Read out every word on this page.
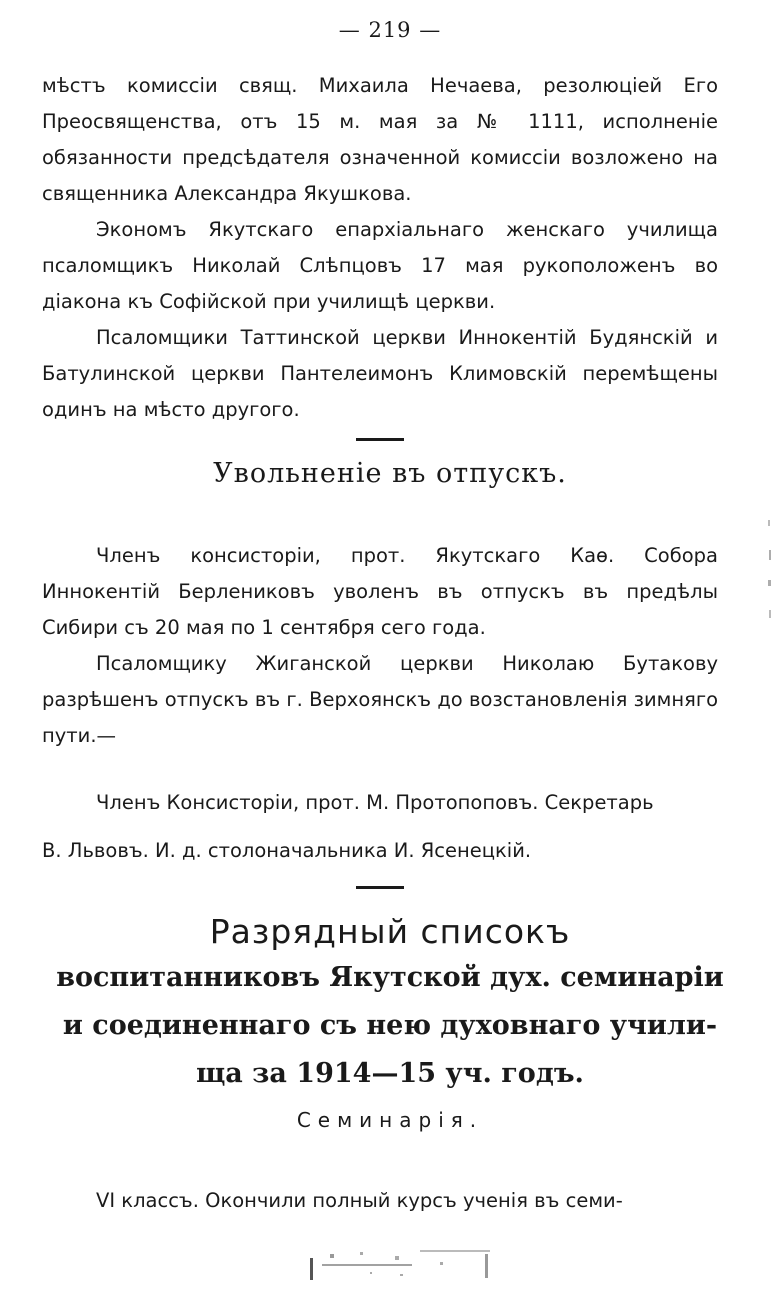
— 219 —

мѣстъ комиссіи свящ. Михаила Нечаева, резолюціей Его Преосвященства, отъ 15 м. мая за № 1111, исполненіе обязанности предсѣдателя означенной комиссіи возложено на священника Александра Якушкова.

Экономъ Якутскаго епархіальнаго женскаго училища псаломщикъ Николай Слѣпцовъ 17 мая рукоположенъ во діакона къ Софійской при училищѣ церкви.

Псаломщики Таттинской церкви Иннокентій Будянскій и Батулинской церкви Пантелеимонъ Климовскій перемѣщены одинъ на мѣсто другого.

Увольненіе въ отпускъ.

Членъ консисторіи, прот. Якутскаго Каѳ. Собора Иннокентій Берлениковъ уволенъ въ отпускъ въ предѣлы Сибири съ 20 мая по 1 сентября сего года.

Псаломщику Жиганской церкви Николаю Бутакову разрѣшенъ отпускъ въ г. Верхоянскъ до возстановленія зимняго пути.—

Членъ Консисторіи, прот. М. Протопоповъ. Секретарь
В. Львовъ. И. д. столоначальника И. Ясенецкій.
Разрядный списокъ
воспитанниковъ Якутской дух. семинаріи
и соединеннаго съ нею духовнаго учили-
ща за 1914—15 уч. годъ.
Семинарія.
VI классъ. Окончили полный курсъ ученія въ семи-
